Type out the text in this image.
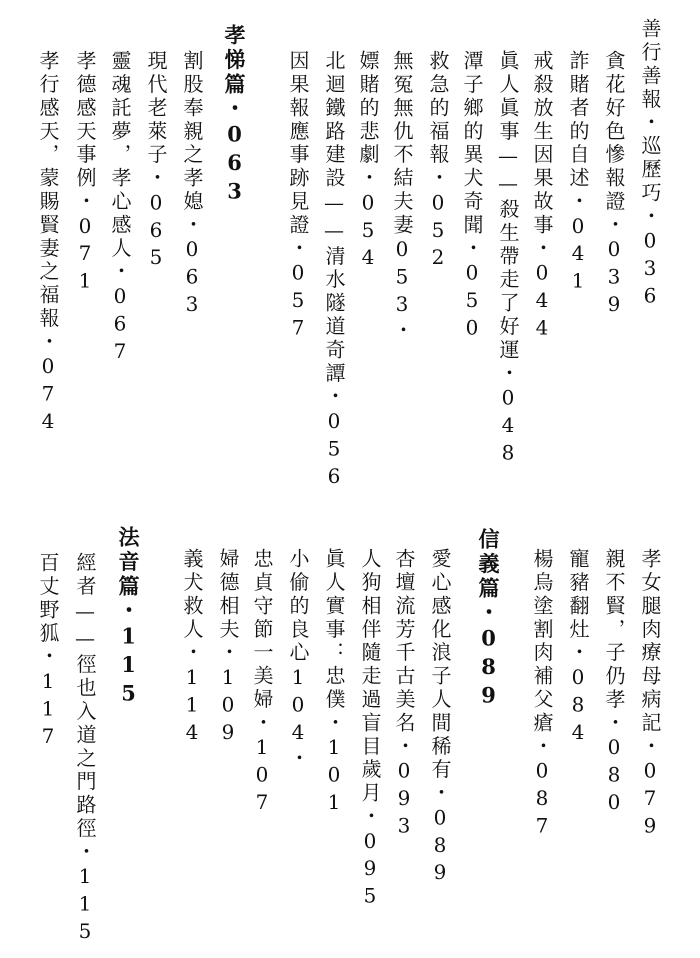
善行善報・巡歷巧・036
貪花好色慘報證・039
詐賭者的自述・041
戒殺放生因果故事・044
眞人眞事——殺生帶走了好運・048
潭子鄉的異犬奇聞・050
救急的福報・052
無冤無仇不結夫妻053・
嫖賭的悲劇・054
北迴鐵路建設——清水隧道奇譚・056
因果報應事跡見證・057
孝悌篇・063
割股奉親之孝媳・063
現代老萊子・065
靈魂託夢，孝心感人・067
孝德感天事例・071
孝行感天，蒙賜賢妻之福報・074
孝女腿肉療母病記・079
親不賢，子仍孝・080
寵豬翻灶・084
楊烏塗割肉補父瘡・087
信義篇・089
愛心感化浪子人間稀有・089
杏壇流芳千古美名・093
人狗相伴隨走過盲目歲月・095
眞人實事：忠僕・101
小偷的良心104・
忠貞守節一美婦・107
婦德相夫・109
義犬救人・114
法音篇・115
經者——徑也入道之門路徑・115
百丈野狐・117
